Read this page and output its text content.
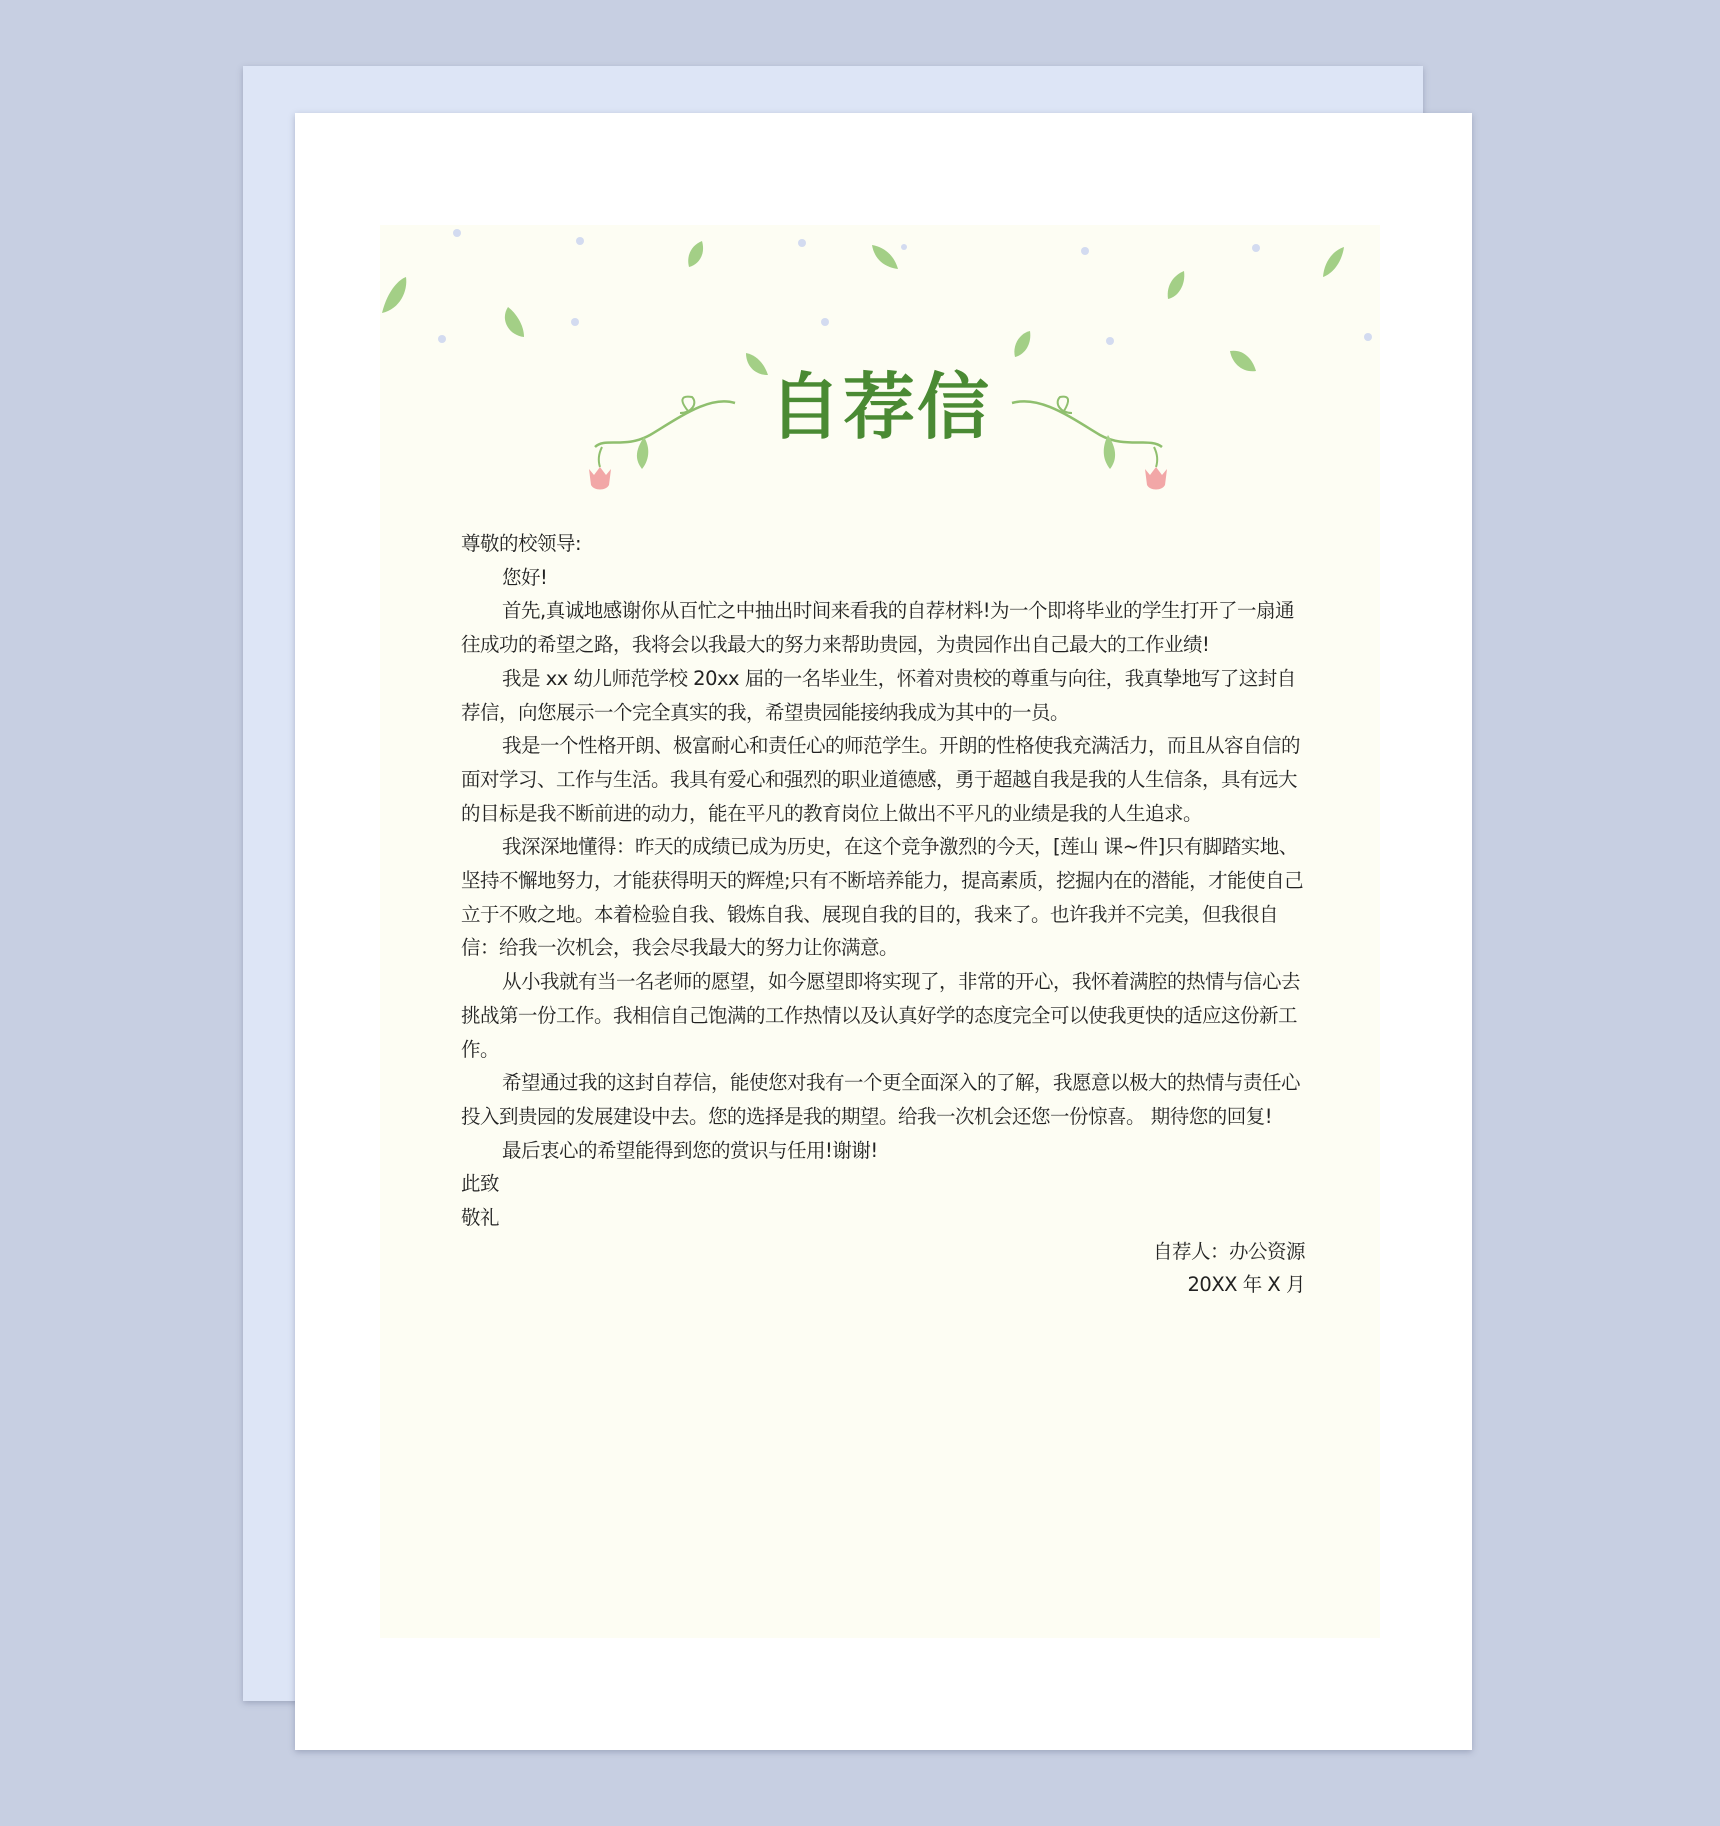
自荐信

尊敬的校领导:

您好!

首先,真诚地感谢你从百忙之中抽出时间来看我的自荐材料!为一个即将毕业的学生打开了一扇通往成功的希望之路，我将会以我最大的努力来帮助贵园，为贵园作出自己最大的工作业绩!

我是 xx 幼儿师范学校 20xx 届的一名毕业生，怀着对贵校的尊重与向往，我真挚地写了这封自荐信，向您展示一个完全真实的我，希望贵园能接纳我成为其中的一员。

我是一个性格开朗、极富耐心和责任心的师范学生。开朗的性格使我充满活力，而且从容自信的面对学习、工作与生活。我具有爱心和强烈的职业道德感，勇于超越自我是我的人生信条，具有远大的目标是我不断前进的动力，能在平凡的教育岗位上做出不平凡的业绩是我的人生追求。

我深深地懂得：昨天的成绩已成为历史，在这个竞争激烈的今天，[莲山 课~件]只有脚踏实地、坚持不懈地努力，才能获得明天的辉煌;只有不断培养能力，提高素质，挖掘内在的潜能，才能使自己立于不败之地。本着检验自我、锻炼自我、展现自我的目的，我来了。也许我并不完美，但我很自信：给我一次机会，我会尽我最大的努力让你满意。

从小我就有当一名老师的愿望，如今愿望即将实现了，非常的开心，我怀着满腔的热情与信心去挑战第一份工作。我相信自己饱满的工作热情以及认真好学的态度完全可以使我更快的适应这份新工作。

希望通过我的这封自荐信，能使您对我有一个更全面深入的了解，我愿意以极大的热情与责任心投入到贵园的发展建设中去。您的选择是我的期望。给我一次机会还您一份惊喜。 期待您的回复!

最后衷心的希望能得到您的赏识与任用!谢谢!

此致

敬礼

自荐人：办公资源

20XX 年 X 月
